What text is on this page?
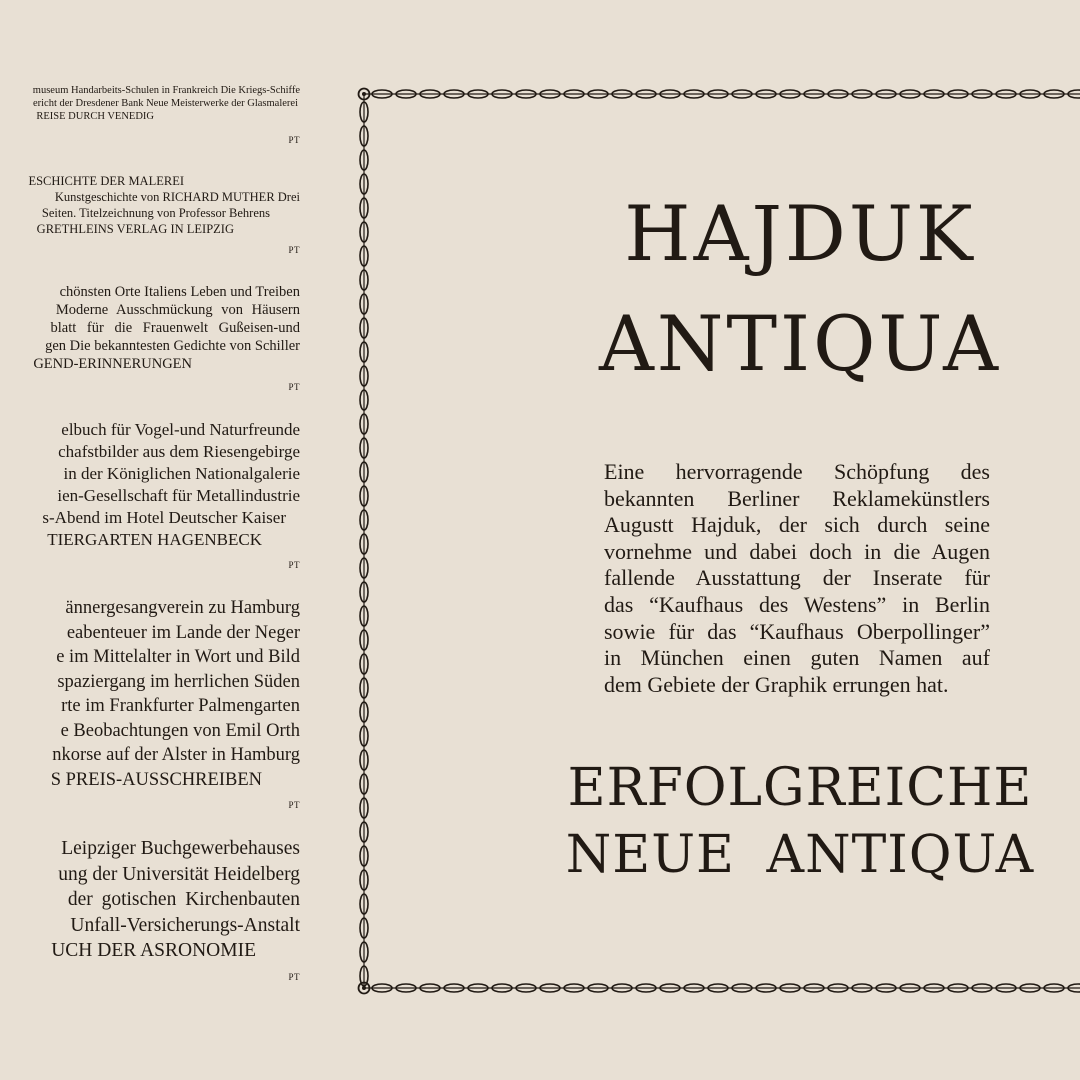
museum Handarbeits-Schulen in Frankreich Die Kriegs-Schiffe
ericht der Dresdener Bank Neue Meisterwerke der Glasmalerei
REISE DURCH VENEDIG
PT
ESCHICHTE DER MALEREI
Kunstgeschichte von RICHARD MUTHER Drei
Seiten. Titelzeichnung von Professor Behrens
GRETHLEINS VERLAG IN LEIPZIG
PT
chönsten Orte Italiens Leben und Treiben
Moderne Ausschmückung von Häusern
blatt für die Frauenwelt Gußeisen-und
gen Die bekanntesten Gedichte von Schiller
GEND-ERINNERUNGEN
PT
elbuch für Vogel-und Naturfreunde
chafstbilder aus dem Riesengebirge
in der Königlichen Nationalgalerie
ien-Gesellschaft für Metallindustrie
s-Abend im Hotel Deutscher Kaiser
TIERGARTEN HAGENBECK
PT
ännergesangverein zu Hamburg
eabenteuer im Lande der Neger
e im Mittelalter in Wort und Bild
spaziergang im herrlichen Süden
rte im Frankfurter Palmengarten
e Beobachtungen von Emil Orth
nkorse auf der Alster in Hamburg
S PREIS-AUSSCHREIBEN
PT
Leipziger Buchgewerbehauses
ung der Universität Heidelberg
der gotischen Kirchenbauten
Unfall-Versicherungs-Anstalt
UCH DER ASRONOMIE
PT
HAJDUK
ANTIQUA
Eine hervorragende Schöpfung des
bekannten Berliner Reklamekünstlers
Augustt Hajduk, der sich durch seine
vornehme und dabei doch in die Augen
fallende Ausstattung der Inserate für
das “Kaufhaus des Westens” in Berlin
sowie für das “Kaufhaus Oberpollinger”
in München einen guten Namen auf
dem Gebiete der Graphik errungen hat.
ERFOLGREICHE
NEUE ANTIQUA
